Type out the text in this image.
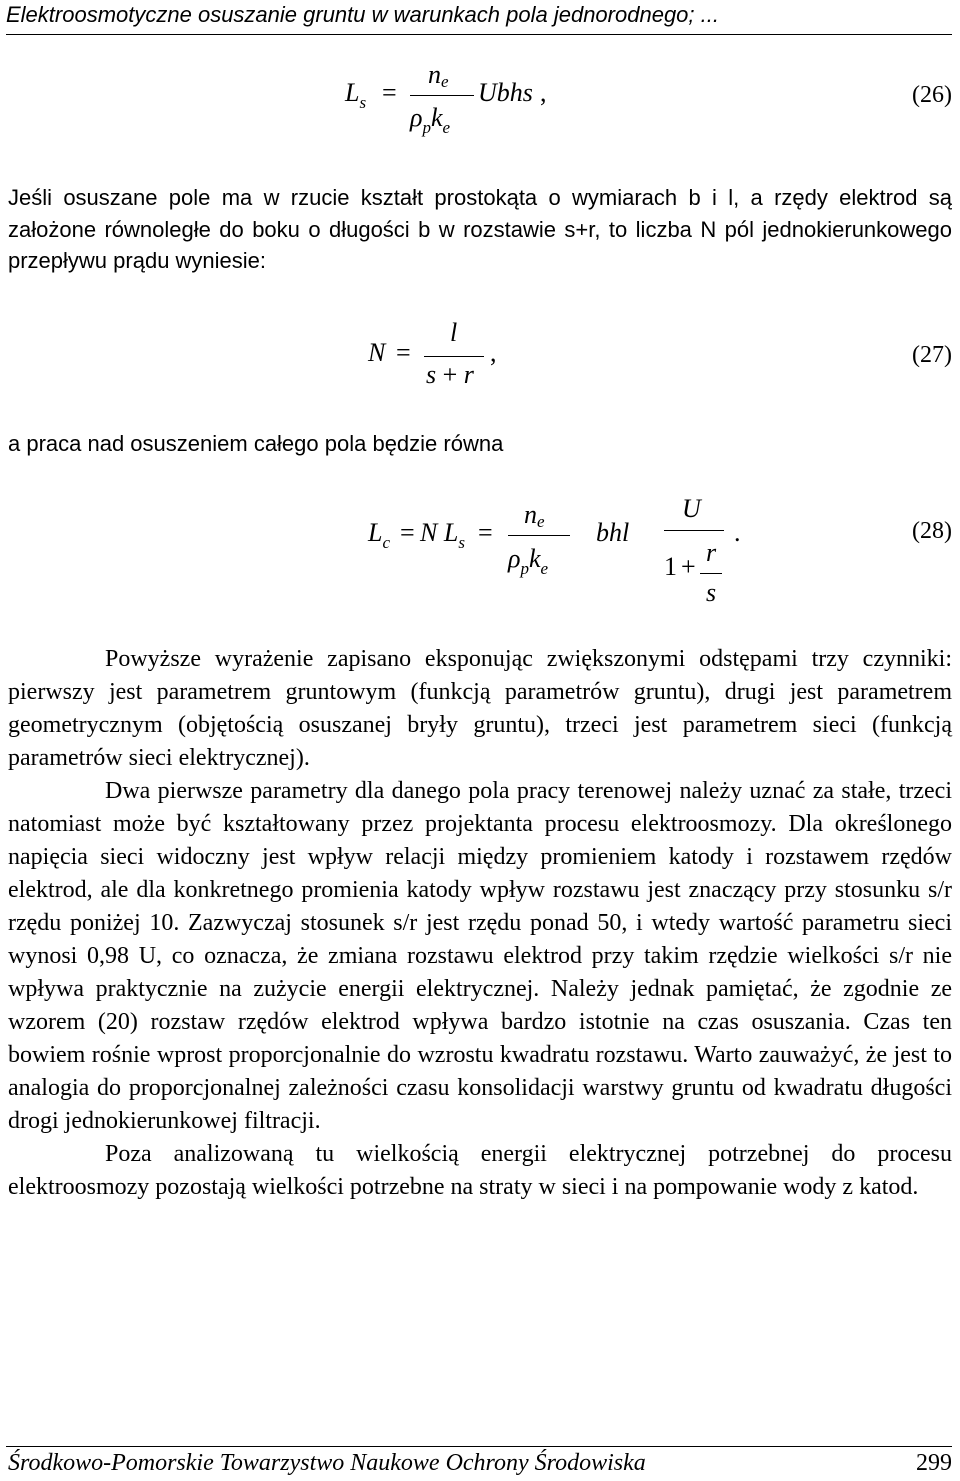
Elektroosmotyczne osuszanie gruntu w warunkach pola jednorodnego; ...
$L_s$ =
ne
$\rho_pk_e$
Ubhs ,	(26)
Jeśli osuszane pole ma w rzucie kształt prostokąta o wymiarach b i l, a rzędy elektrod są założone równoległe do boku o długości b w rozstawie s+r, to liczba N pól jednokierunkowego przepływu prądu wyniesie:
N =
l
s + r
,	(27)
a praca nad osuszeniem całego pola będzie równa
$L_c = N$ $L_s$ =
ne
$\rho_pk_e$
bhl
U
1 + r
s
.	(28)

Powyższe wyrażenie zapisano eksponując zwiększonymi odstępami trzy czynniki: pierwszy jest parametrem gruntowym (funkcją parametrów gruntu), drugi jest parametrem geometrycznym (objętością osuszanej bryły gruntu), trzeci jest parametrem sieci (funkcją parametrów sieci elektrycznej).

Dwa pierwsze parametry dla danego pola pracy terenowej należy uznać za stałe, trzeci natomiast może być kształtowany przez projektanta procesu elektroosmozy. Dla określonego napięcia sieci widoczny jest wpływ relacji między promieniem katody i rozstawem rzędów elektrod, ale dla konkretnego promienia katody wpływ rozstawu jest znaczący przy stosunku s/r rzędu poniżej 10. Zazwyczaj stosunek s/r jest rzędu ponad 50, i wtedy wartość parametru sieci wynosi 0,98 U, co oznacza, że zmiana rozstawu elektrod przy takim rzędzie wielkości s/r nie wpływa praktycznie na zużycie energii elektrycznej. Należy jednak pamiętać, że zgodnie ze wzorem (20) rozstaw rzędów elektrod wpływa bardzo istotnie na czas osuszania. Czas ten bowiem rośnie wprost proporcjonalnie do wzrostu kwadratu rozstawu. Warto zauważyć, że jest to analogia do proporcjonalnej zależności czasu konsolidacji warstwy gruntu od kwadratu długości drogi jednokierunkowej filtracji.

Poza analizowaną tu wielkością energii elektrycznej potrzebnej do procesu elektroosmozy pozostają wielkości potrzebne na straty w sieci i na pompowanie wody z katod.

Środkowo-Pomorskie Towarzystwo Naukowe Ochrony Środowiska	299
